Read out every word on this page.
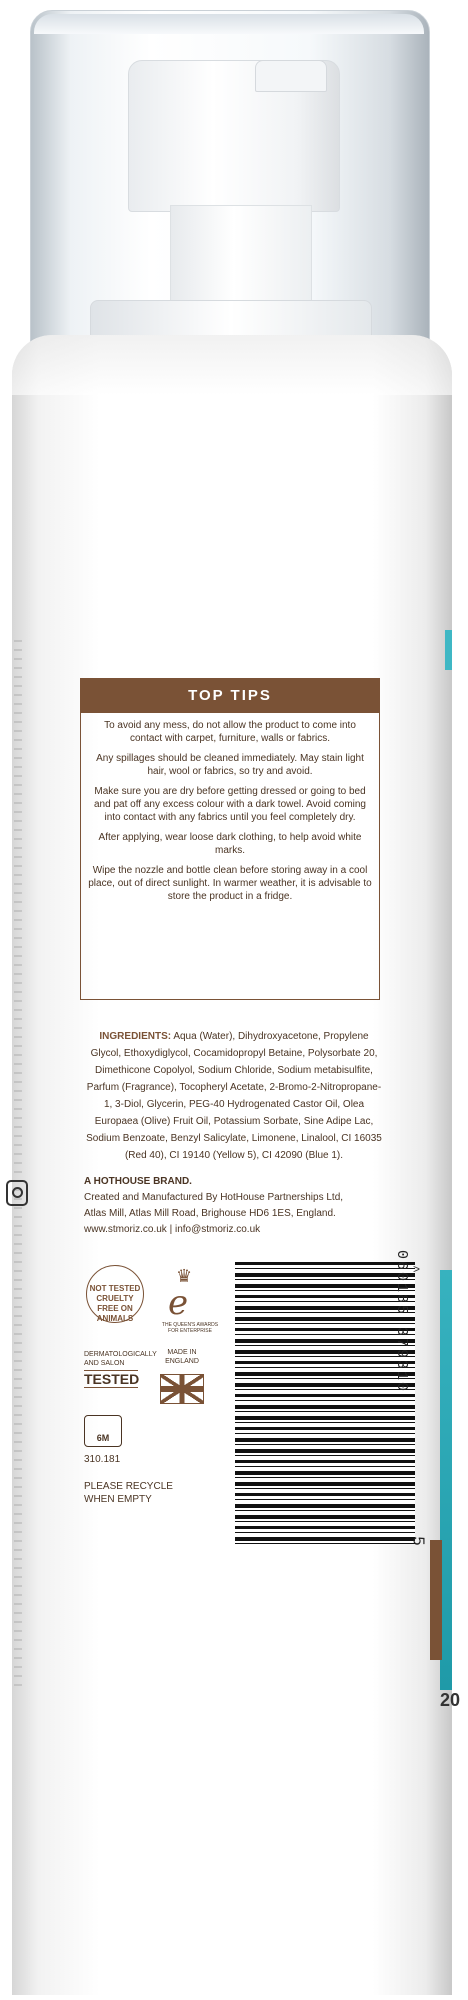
20
TOP TIPS

To avoid any mess, do not allow the product to come into contact with carpet, furniture, walls or fabrics.

Any spillages should be cleaned immediately. May stain light hair, wool or fabrics, so try and avoid.

Make sure you are dry before getting dressed or going to bed and pat off any excess colour with a dark towel. Avoid coming into contact with any fabrics until you feel completely dry.

After applying, wear loose dark clothing, to help avoid white marks.

Wipe the nozzle and bottle clean before storing away in a cool place, out of direct sunlight. In warmer weather, it is advisable to store the product in a fridge.

INGREDIENTS: Aqua (Water), Dihydroxyacetone, Propylene Glycol, Ethoxydiglycol, Cocamidopropyl Betaine, Polysorbate 20, Dimethicone Copolyol, Sodium Chloride, Sodium metabisulfite, Parfum (Fragrance), Tocopheryl Acetate, 2-Bromo-2-Nitropropane-1, 3-Diol, Glycerin, PEG-40 Hydrogenated Castor Oil, Olea Europaea (Olive) Fruit Oil, Potassium Sorbate, Sine Adipe Lac, Sodium Benzoate, Benzyl Salicylate, Limonene, Linalool, CI 16035 (Red 40), CI 19140 (Yellow 5), CI 42090 (Blue 1).
A HOTHOUSE BRAND.
Created and Manufactured By HotHouse Partnerships Ltd,
Atlas Mill, Atlas Mill Road, Brighouse HD6 1ES, England.
www.stmoriz.co.uk | info@stmoriz.co.uk
NOT TESTED CRUELTY FREE ON ANIMALS
♛
e
THE QUEEN'S AWARDS FOR ENTERPRISE
DERMATOLOGICALLY AND SALON
TESTED
MADE IN ENGLAND
6M
310.181
PLEASE RECYCLE WHEN EMPTY
>
5
